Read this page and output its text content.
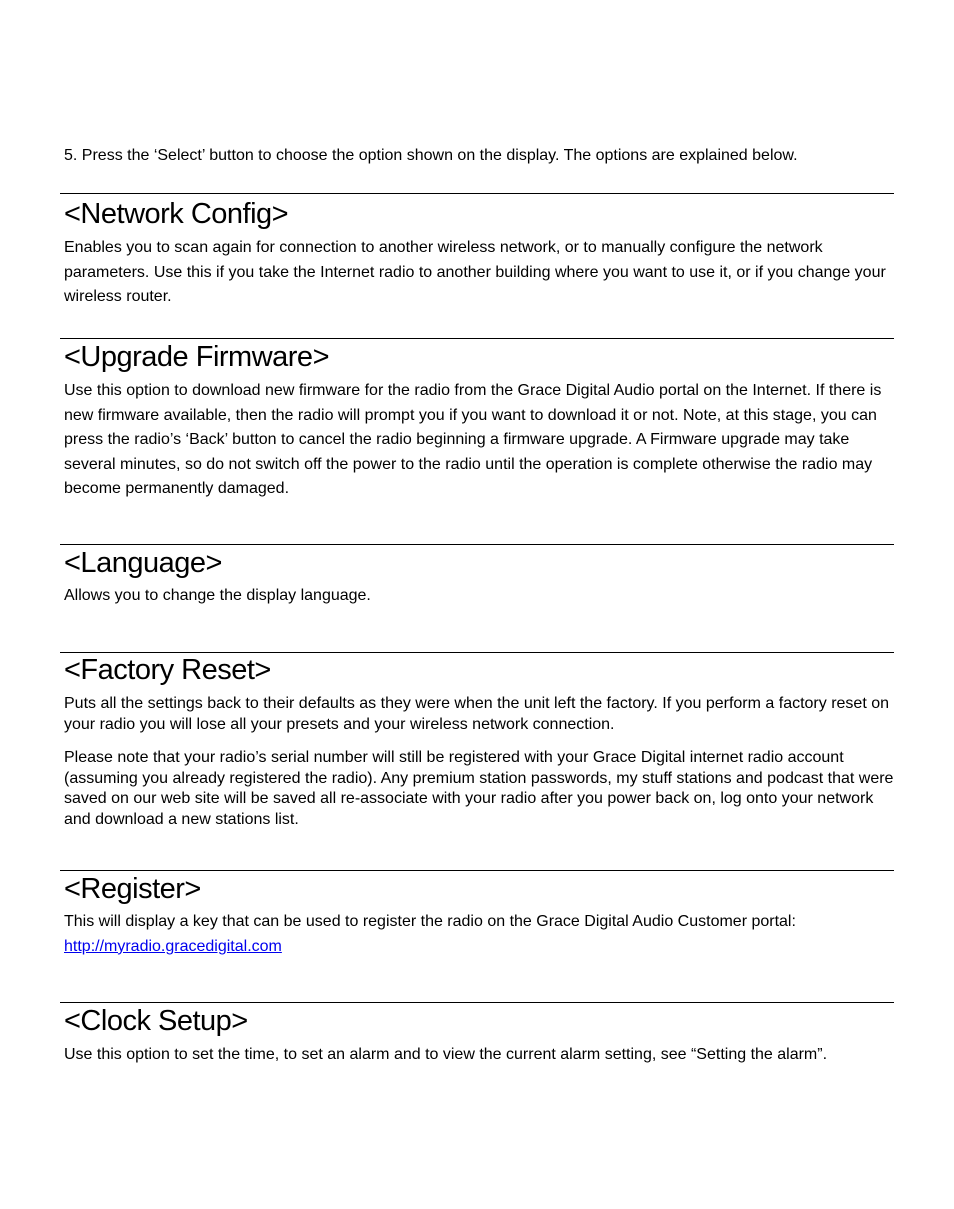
5. Press the ‘Select’ button to choose the option shown on the display. The options are explained below.

<Network Config>

Enables you to scan again for connection to another wireless network, or to manually configure the network parameters. Use this if you take the Internet radio to another building where you want to use it, or if you change your wireless router.

<Upgrade Firmware>

Use this option to download new firmware for the radio from the Grace Digital Audio portal on the Internet. If there is new firmware available, then the radio will prompt you if you want to download it or not. Note, at this stage, you can press the radio’s ‘Back’ button to cancel the radio beginning a firmware upgrade. A Firmware upgrade may take several minutes, so do not switch off the power to the radio until the operation is complete otherwise the radio may become permanently damaged.

<Language>

Allows you to change the display language.

<Factory Reset>

Puts all the settings back to their defaults as they were when the unit left the factory. If you perform a factory reset on your radio you will lose all your presets and your wireless network connection.

Please note that your radio’s serial number will still be registered with your Grace Digital internet radio account (assuming you already registered the radio). Any premium station passwords, my stuff stations and podcast that were saved on our web site will be saved all re-associate with your radio after you power back on, log onto your network and download a new stations list.

<Register>

This will display a key that can be used to register the radio on the Grace Digital Audio Customer portal:
http://myradio.gracedigital.com

<Clock Setup>

Use this option to set the time, to set an alarm and to view the current alarm setting, see “Setting the alarm”.
